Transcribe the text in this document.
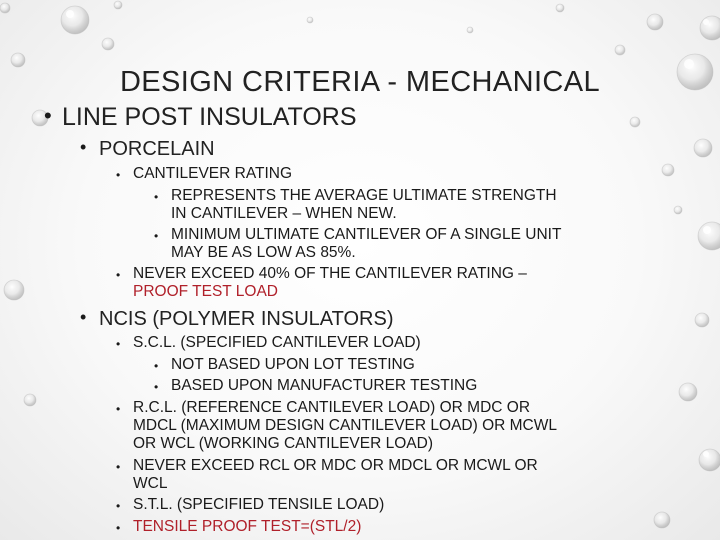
DESIGN CRITERIA - MECHANICAL
• LINE POST INSULATORS
• PORCELAIN
• CANTILEVER RATING
• REPRESENTS THE AVERAGE ULTIMATE STRENGTH
IN CANTILEVER – WHEN NEW.
• MINIMUM ULTIMATE CANTILEVER OF A SINGLE UNIT
MAY BE AS LOW AS 85%.
• NEVER EXCEED 40% OF THE CANTILEVER RATING –
PROOF TEST LOAD
• NCIS (POLYMER INSULATORS)
• S.C.L. (SPECIFIED CANTILEVER LOAD)
• NOT BASED UPON LOT TESTING
• BASED UPON MANUFACTURER TESTING
• R.C.L. (REFERENCE CANTILEVER LOAD) OR MDC OR
MDCL (MAXIMUM DESIGN CANTILEVER LOAD) OR MCWL
OR WCL (WORKING CANTILEVER LOAD)
• NEVER EXCEED RCL OR MDC OR MDCL OR MCWL OR
WCL
• S.T.L. (SPECIFIED TENSILE LOAD)
• TENSILE PROOF TEST=(STL/2)
